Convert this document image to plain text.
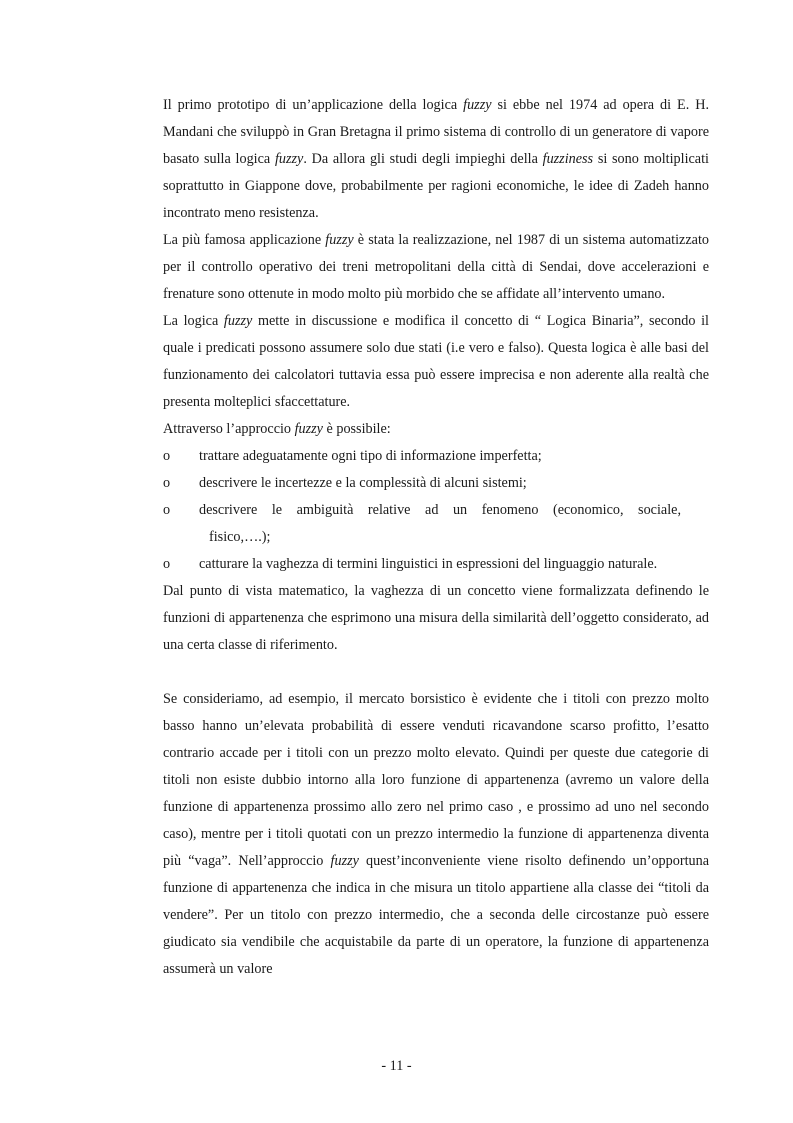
Il primo prototipo di un’applicazione della logica fuzzy si ebbe nel 1974 ad opera di E. H. Mandani che sviluppò in Gran Bretagna il primo sistema di controllo di un generatore di vapore basato sulla logica fuzzy. Da allora gli studi degli impieghi della fuzziness si sono moltiplicati soprattutto in Giappone dove, probabilmente per ragioni economiche, le idee di Zadeh hanno incontrato meno resistenza.

La più famosa applicazione fuzzy è stata la realizzazione, nel 1987 di un sistema automatizzato per il controllo operativo dei treni metropolitani della città di Sendai, dove accelerazioni e frenature sono ottenute in modo molto più morbido che se affidate all’intervento umano.

La logica fuzzy mette in discussione e modifica il concetto di “ Logica Binaria”, secondo il quale i predicati possono assumere solo due stati (i.e vero e falso). Questa logica è alle basi del funzionamento dei calcolatori tuttavia essa può essere imprecisa e non aderente alla realtà che presenta molteplici sfaccettature.

Attraverso l’approccio fuzzy è possibile:

o trattare adeguatamente ogni tipo di informazione imperfetta;
o descrivere le incertezze e la complessità di alcuni sistemi;
o descrivere le ambiguità relative ad un fenomeno (economico, sociale,
fisico,….);
o catturare la vaghezza di termini linguistici in espressioni del linguaggio naturale.

Dal punto di vista matematico, la vaghezza di un concetto viene formalizzata definendo le funzioni di appartenenza che esprimono una misura della similarità dell’oggetto considerato, ad una certa classe di riferimento.

Se consideriamo, ad esempio, il mercato borsistico è evidente che i titoli con prezzo molto basso hanno un’elevata probabilità di essere venduti ricavandone scarso profitto, l’esatto contrario accade per i titoli con un prezzo molto elevato. Quindi per queste due categorie di titoli non esiste dubbio intorno alla loro funzione di appartenenza (avremo un valore della funzione di appartenenza prossimo allo zero nel primo caso , e prossimo ad uno nel secondo caso), mentre per i titoli quotati con un prezzo intermedio la funzione di appartenenza diventa più “vaga”. Nell’approccio fuzzy quest’inconveniente viene risolto definendo un’opportuna funzione di appartenenza che indica in che misura un titolo appartiene alla classe dei “titoli da vendere”. Per un titolo con prezzo intermedio, che a seconda delle circostanze può essere giudicato sia vendibile che acquistabile da parte di un operatore, la funzione di appartenenza assumerà un valore

- 11 -
